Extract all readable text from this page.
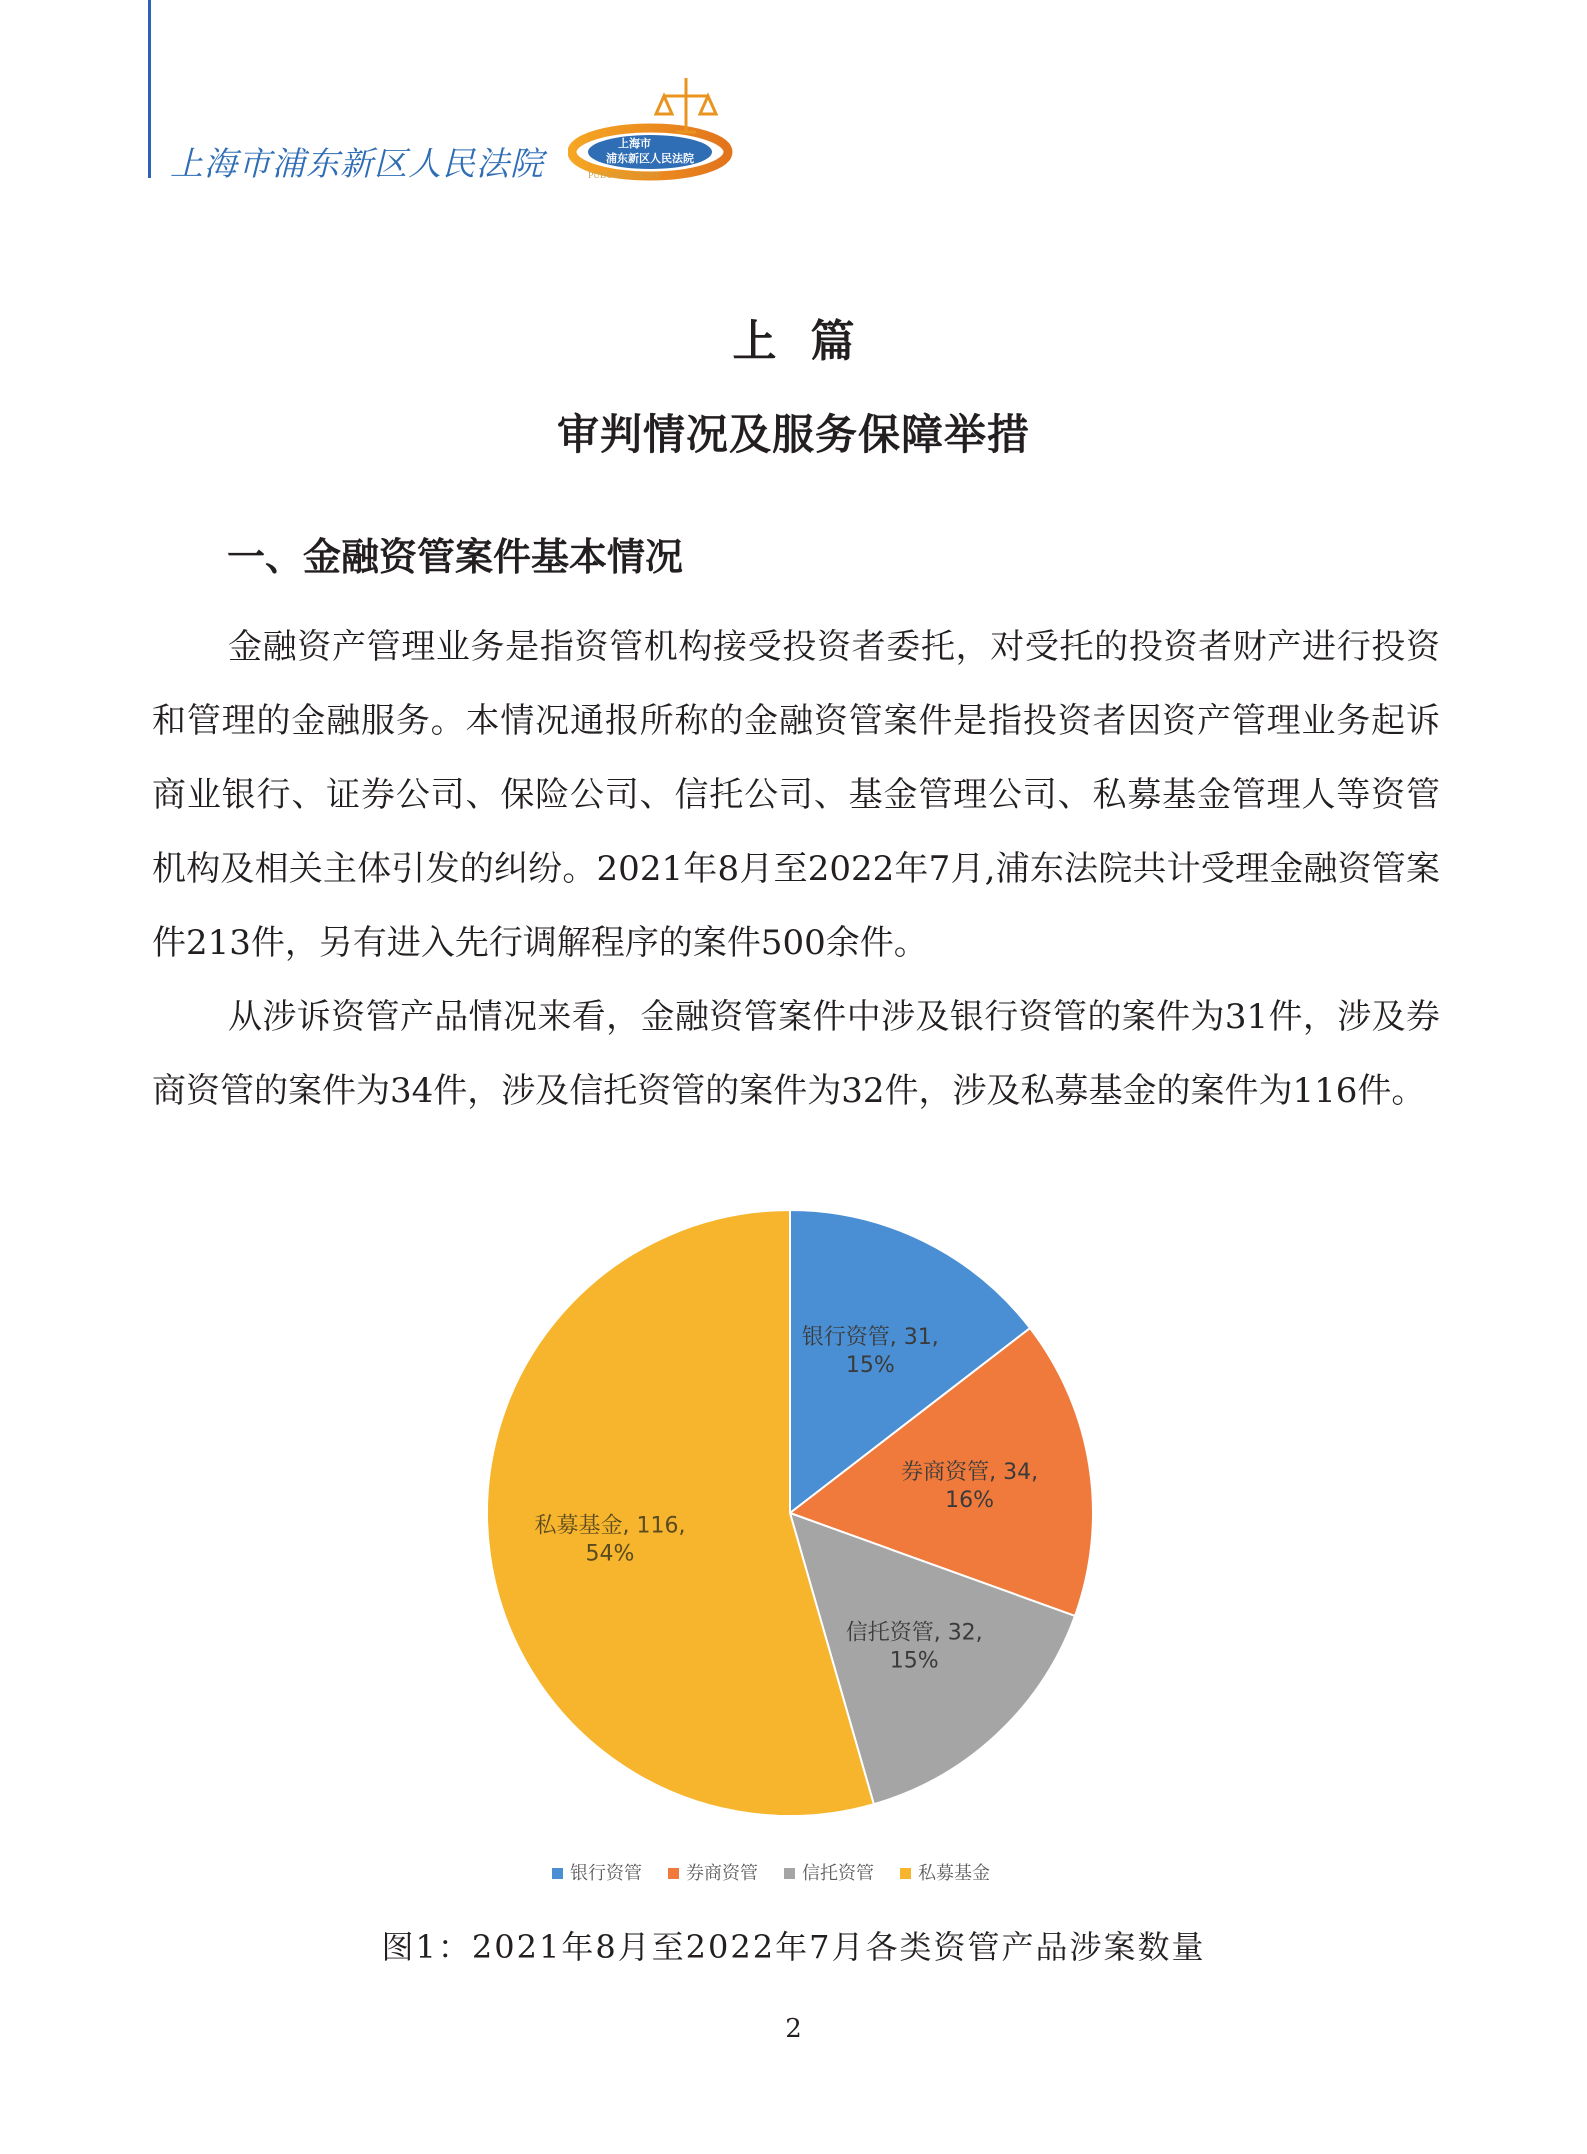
上海市浦东新区人民法院
上海市
浦东新区人民法院
PUDONG COURT
上篇
审判情况及服务保障举措
一、金融资管案件基本情况

金融资产管理业务是指资管机构接受投资者委托，对受托的投资者财产进行投资和管理的金融服务。本情况通报所称的金融资管案件是指投资者因资产管理业务起诉商业银行、证券公司、保险公司、信托公司、基金管理公司、私募基金管理人等资管机构及相关主体引发的纠纷。2021年8月至2022年7月,浦东法院共计受理金融资管案件213件，另有进入先行调解程序的案件500余件。

从涉诉资管产品情况来看，金融资管案件中涉及银行资管的案件为31件，涉及券商资管的案件为34件，涉及信托资管的案件为32件，涉及私募基金的案件为116件。

银行资管, 31, 15%
券商资管, 34, 16%
信托资管, 32, 15%
私募基金, 116, 54%
银行资管 券商资管 信托资管 私募基金
图1：2021年8月至2022年7月各类资管产品涉案数量
2
